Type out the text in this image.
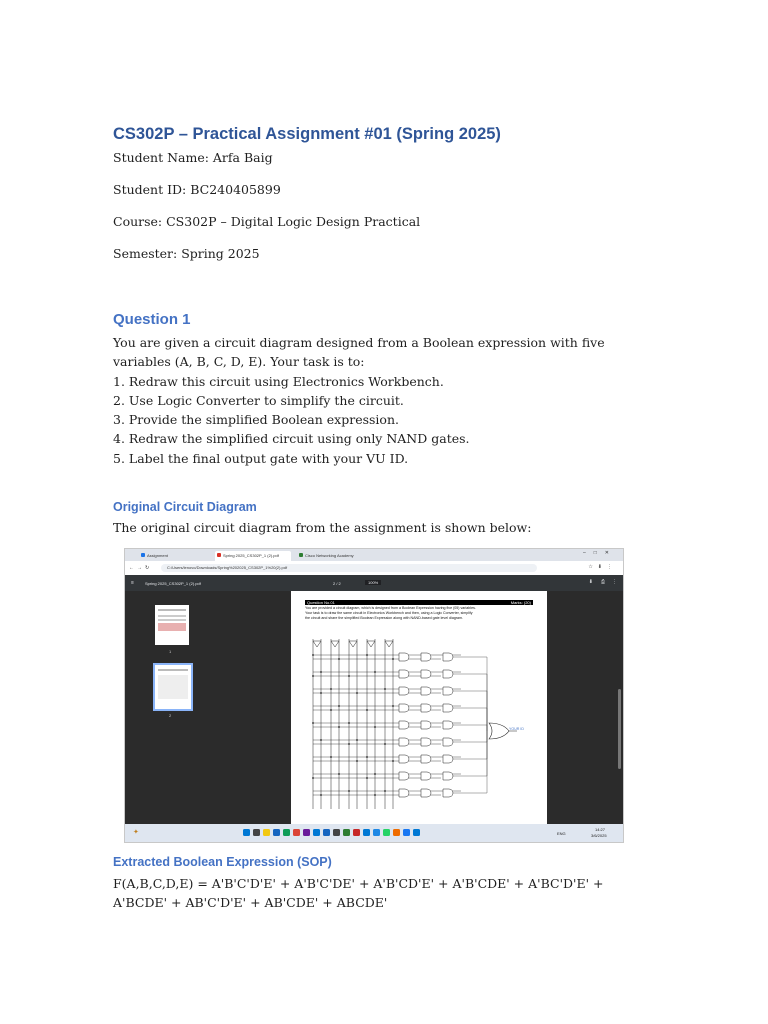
CS302P – Practical Assignment #01 (Spring 2025)
Student Name: Arfa Baig
Student ID: BC240405899
Course: CS302P – Digital Logic Design Practical
Semester: Spring 2025
Question 1
You are given a circuit diagram designed from a Boolean expression with five variables (A, B, C, D, E). Your task is to:
1. Redraw this circuit using Electronics Workbench.
2. Use Logic Converter to simplify the circuit.
3. Provide the simplified Boolean expression.
4. Redraw the simplified circuit using only NAND gates.
5. Label the final output gate with your VU ID.
Original Circuit Diagram
The original circuit diagram from the assignment is shown below:
Assignment	Spring 2025_CS302P_1 (2).pdf	Cisco Networking Academy	–□✕
←→↻	C:/Users/lenovo/Downloads/Spring%202025_CS302P_1%20(2).pdf	☆⬇⋮
≡	Spring 2025_CS302P_1 (2).pdf	2 / 2	100%	⬇ ⎙ ⋮
1
2
Question No.01	Marks: (20)
You are provided a circuit diagram, which is designed from a Boolean Expression having five (05) variables.
Your task is to draw the same circuit in Electronics Workbench and then, using a Logic Converter, simplify
the circuit and share the simplified Boolean Expression along with NAND-based gate level diagram.
YOUR ID
✦	ENG
14:27
3/6/2025
Extracted Boolean Expression (SOP)
F(A,B,C,D,E) = A'B'C'D'E' + A'B'C'DE' + A'B'CD'E' + A'B'CDE' + A'BC'D'E' + A'BCDE' + AB'C'D'E' + AB'CDE' + ABCDE'
